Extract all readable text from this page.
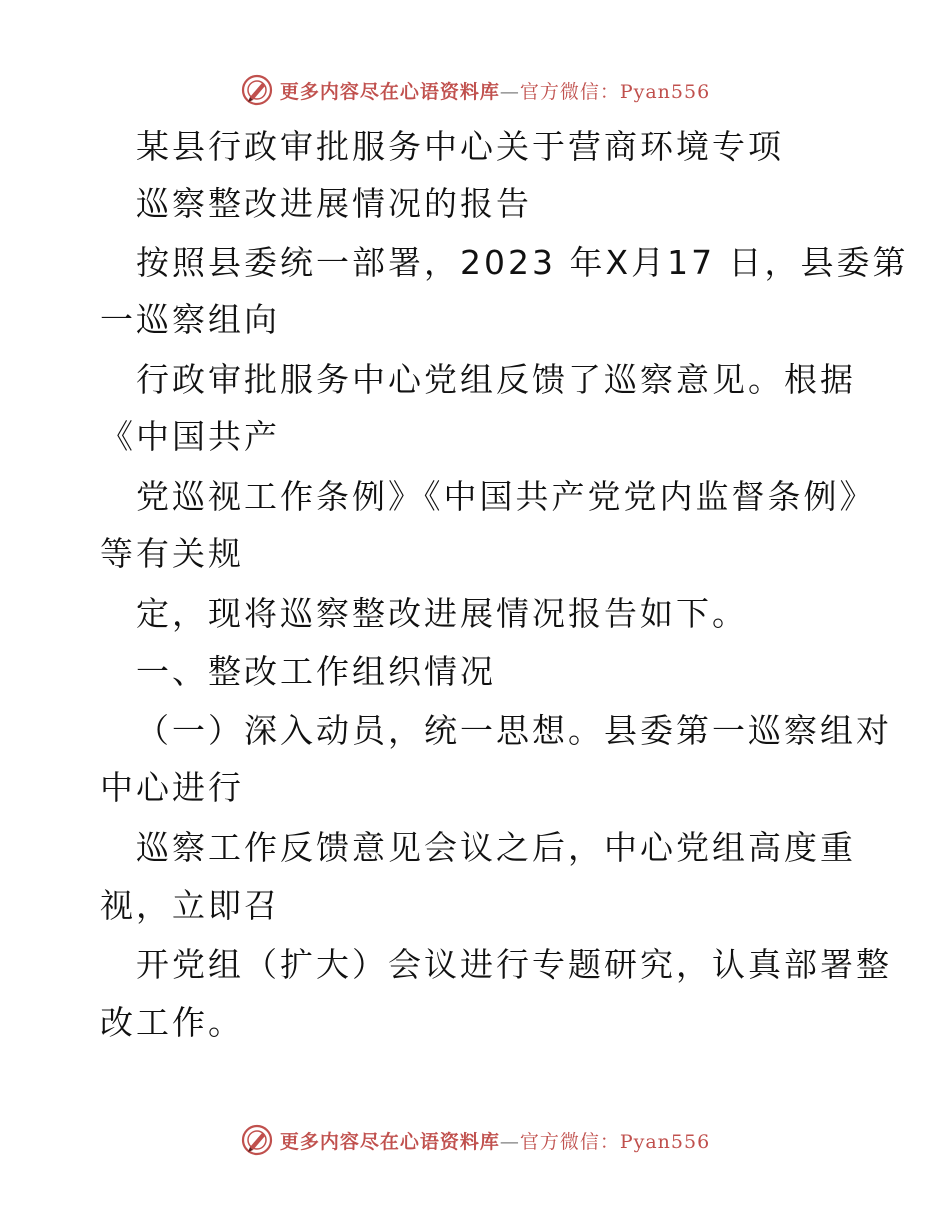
更多内容尽在心语资料库—官方微信：Pyan556
某县行政审批服务中心关于营商环境专项
巡察整改进展情况的报告
按照县委统一部署，2023 年X月17 日，县委第
一巡察组向
行政审批服务中心党组反馈了巡察意见。根据
《中国共产
党巡视工作条例》《中国共产党党内监督条例》
等有关规
定，现将巡察整改进展情况报告如下。
一、整改工作组织情况
（一）深入动员，统一思想。县委第一巡察组对
中心进行
巡察工作反馈意见会议之后，中心党组高度重
视，立即召
开党组（扩大）会议进行专题研究，认真部署整
改工作。
更多内容尽在心语资料库—官方微信：Pyan556
